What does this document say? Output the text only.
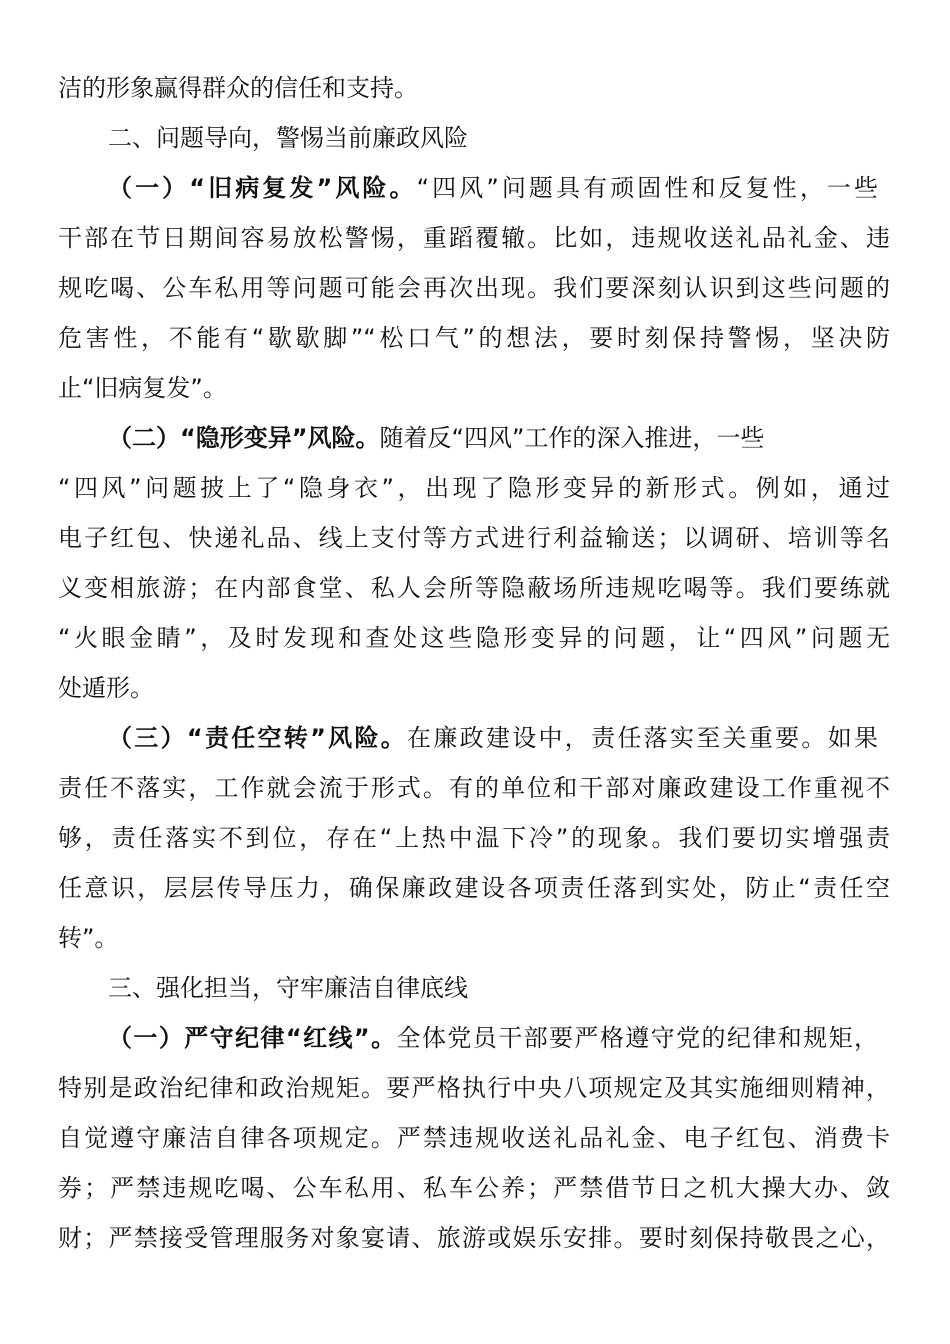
洁的形象赢得群众的信任和支持。
二、问题导向，警惕当前廉政风险
（一）“旧病复发”风险。“四风”问题具有顽固性和反复性，一些
干部在节日期间容易放松警惕，重蹈覆辙。比如，违规收送礼品礼金、违
规吃喝、公车私用等问题可能会再次出现。我们要深刻认识到这些问题的
危害性，不能有“歇歇脚”“松口气”的想法，要时刻保持警惕，坚决防
止“旧病复发”。
（二）“隐形变异”风险。随着反“四风”工作的深入推进，一些
“四风”问题披上了“隐身衣”，出现了隐形变异的新形式。例如，通过
电子红包、快递礼品、线上支付等方式进行利益输送；以调研、培训等名
义变相旅游；在内部食堂、私人会所等隐蔽场所违规吃喝等。我们要练就
“火眼金睛”，及时发现和查处这些隐形变异的问题，让“四风”问题无
处遁形。
（三）“责任空转”风险。在廉政建设中，责任落实至关重要。如果
责任不落实，工作就会流于形式。有的单位和干部对廉政建设工作重视不
够，责任落实不到位，存在“上热中温下冷”的现象。我们要切实增强责
任意识，层层传导压力，确保廉政建设各项责任落到实处，防止“责任空
转”。
三、强化担当，守牢廉洁自律底线
（一）严守纪律“红线”。全体党员干部要严格遵守党的纪律和规矩，
特别是政治纪律和政治规矩。要严格执行中央八项规定及其实施细则精神，
自觉遵守廉洁自律各项规定。严禁违规收送礼品礼金、电子红包、消费卡
券；严禁违规吃喝、公车私用、私车公养；严禁借节日之机大操大办、敛
财；严禁接受管理服务对象宴请、旅游或娱乐安排。要时刻保持敬畏之心，
